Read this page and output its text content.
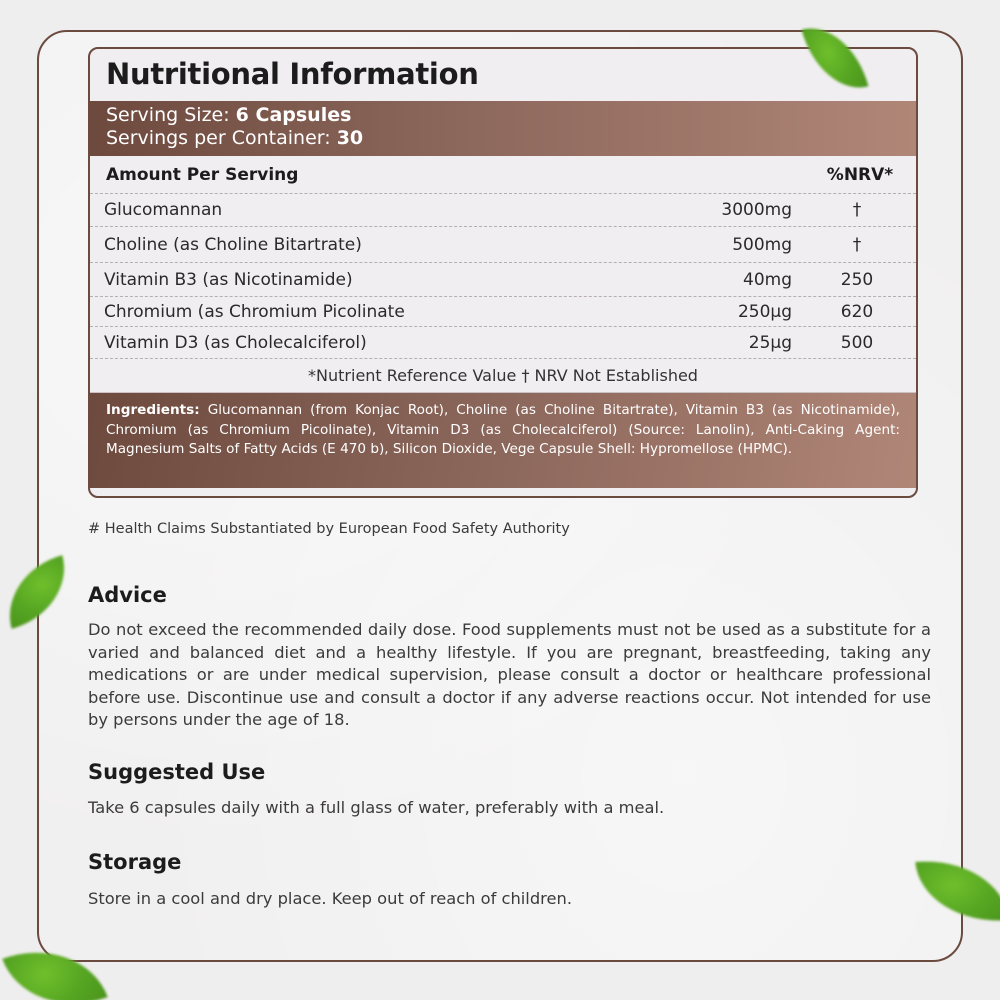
Nutritional Information
Serving Size: 6 Capsules
Servings per Container: 30
Amount Per Serving	%NRV*
Glucomannan	3000mg	†
Choline (as Choline Bitartrate)	500mg	†
Vitamin B3 (as Nicotinamide)	40mg	250
Chromium (as Chromium Picolinate	250µg	620
Vitamin D3 (as Cholecalciferol)	25µg	500
*Nutrient Reference Value † NRV Not Established
Ingredients: Glucomannan (from Konjac Root), Choline (as Choline Bitartrate), Vitamin B3 (as Nicotinamide), Chromium (as Chromium Picolinate), Vitamin D3 (as Cholecalciferol) (Source: Lanolin), Anti-Caking Agent: Magnesium Salts of Fatty Acids (E 470 b), Silicon Dioxide, Vege Capsule Shell: Hypromellose (HPMC).
# Health Claims Substantiated by European Food Safety Authority
Advice
Do not exceed the recommended daily dose. Food supplements must not be used as a substitute for a varied and balanced diet and a healthy lifestyle. If you are pregnant, breastfeeding, taking any medications or are under medical supervision, please consult a doctor or healthcare professional before use. Discontinue use and consult a doctor if any adverse reactions occur. Not intended for use by persons under the age of 18.
Suggested Use
Take 6 capsules daily with a full glass of water, preferably with a meal.
Storage
Store in a cool and dry place. Keep out of reach of children.
